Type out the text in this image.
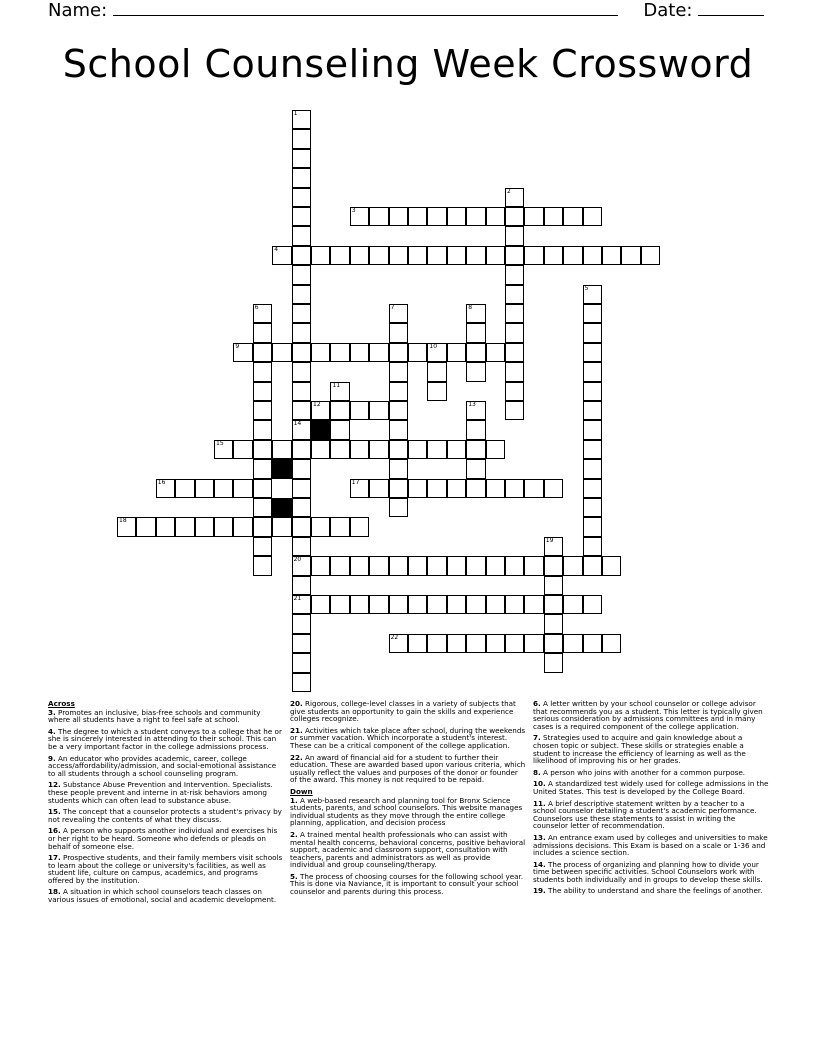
Name:	Date:
School Counseling Week Crossword
1
14
20
21
2
3
4
5
6	7	8
9	10
11
12	13
15
16	17
18
19
22
Across
3. Promotes an inclusive, bias-free schools and community where all students have a right to feel safe at school.
4. The degree to which a student conveys to a college that he or she is sincerely interested in attending to their school. This can be a very important factor in the college admissions process.
9. An educator who provides academic, career, college access/affordability/admission, and social-emotional assistance to all students through a school counseling program.
12. Substance Abuse Prevention and Intervention. Specialists. these people prevent and interne in at-risk behaviors among students which can often lead to substance abuse.
15. The concept that a counselor protects a student's privacy by not revealing the contents of what they discuss.
16. A person who supports another individual and exercises his or her right to be heard. Someone who defends or pleads on behalf of someone else.
17. Prospective students, and their family members visit schools to learn about the college or university's facilities, as well as student life, culture on campus, academics, and programs offered by the institution.
18. A situation in which school counselors teach classes on various issues of emotional, social and academic development.
20. Rigorous, college-level classes in a variety of subjects that give students an opportunity to gain the skills and experience colleges recognize.
21. Activities which take place after school, during the weekends or summer vacation. Which incorporate a student's interest. These can be a critical component of the college application.
22. An award of financial aid for a student to further their education. These are awarded based upon various criteria, which usually reflect the values and purposes of the donor or founder of the award. This money is not required to be repaid.
Down
1. A web-based research and planning tool for Bronx Science students, parents, and school counselors. This website manages individual students as they move through the entire college planning, application, and decision process
2. A trained mental health professionals who can assist with mental health concerns, behavioral concerns, positive behavioral support, academic and classroom support, consultation with teachers, parents and administrators as well as provide individual and group counseling/therapy.
5. The process of choosing courses for the following school year. This is done via Naviance, it is important to consult your school counselor and parents during this process.
6. A letter written by your school counselor or college advisor that recommends you as a student. This letter is typically given serious consideration by admissions committees and in many cases is a required component of the college application.
7. Strategies used to acquire and gain knowledge about a chosen topic or subject. These skills or strategies enable a student to increase the efficiency of learning as well as the likelihood of improving his or her grades.
8. A person who joins with another for a common purpose.
10. A standardized test widely used for college admissions in the United States. This test is developed by the College Board.
11. A brief descriptive statement written by a teacher to a school counselor detailing a student's academic performance. Counselors use these statements to assist in writing the counselor letter of recommendation.
13. An entrance exam used by colleges and universities to make admissions decisions. This Exam is based on a scale or 1-36 and includes a science section.
14. The process of organizing and planning how to divide your time between specific activities. School Counselors work with students both individually and in groups to develop these skills.
19. The ability to understand and share the feelings of another.
